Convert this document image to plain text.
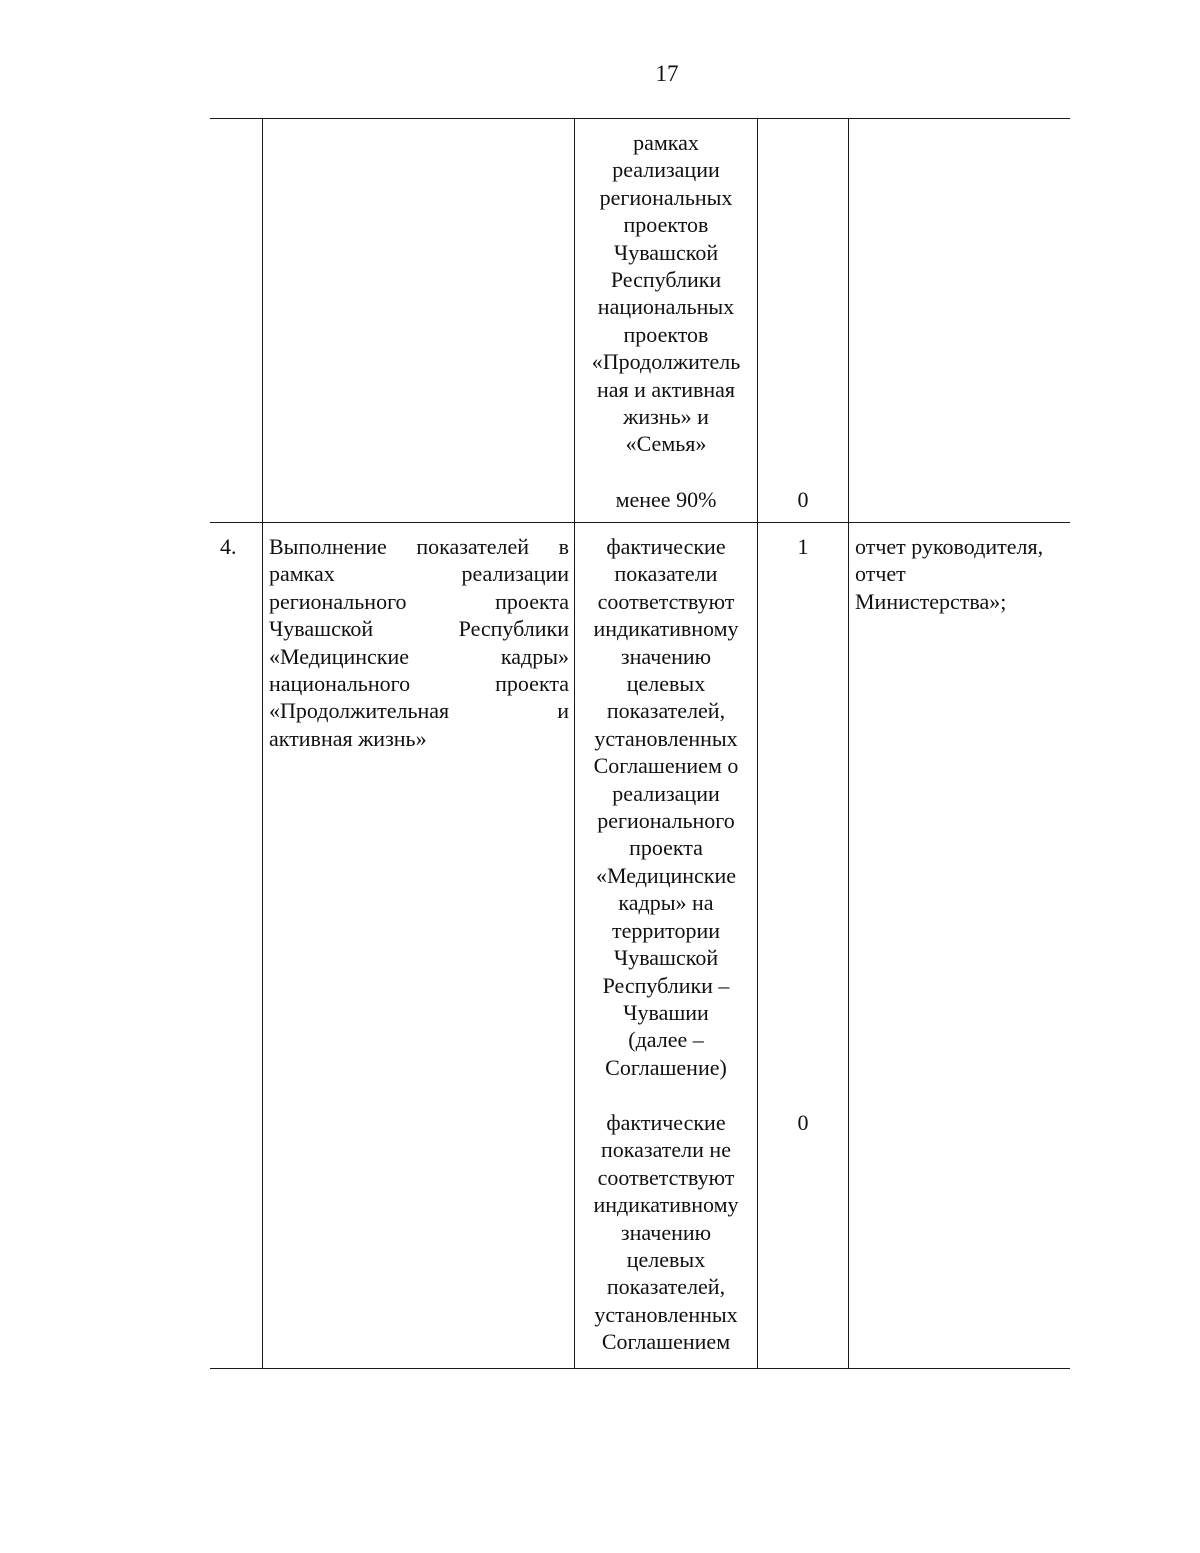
17
рамках
реализации
региональных
проектов
Чувашской
Республики
национальных
проектов
«Продолжитель
ная и активная
жизнь» и
«Семья»
менее 90%	0
4.	Выполнение показателей в
рамках реализации
регионального проекта
Чувашской Республики
«Медицинские кадры»
национального проекта
«Продолжительная и
активная жизнь»
фактические
показатели
соответствуют
индикативному
значению
целевых
показателей,
установленных
Соглашением о
реализации
регионального
проекта
«Медицинские
кадры» на
территории
Чувашской
Республики –
Чувашии
(далее –
Соглашение)
1
фактические
показатели не
соответствуют
индикативному
значению
целевых
показателей,
установленных
Соглашением
0
отчет руководителя,
отчет
Министерства»;
